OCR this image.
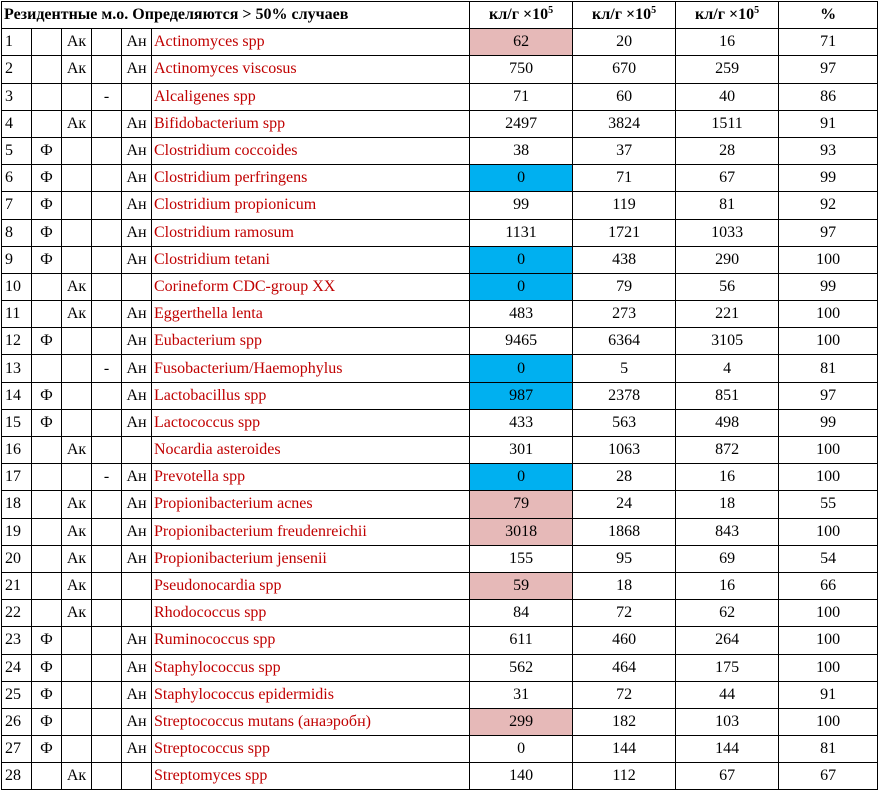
Резидентные м.о. Определяются > 50% случаев						$кл/г \times 10^5$	$кл/г \times 10^5$	$кл/г \times 10^5$	%
1		Ак		Ан	Actinomyces spp	62	20	16	71
2		Ак		Ан	Actinomyces viscosus	750	670	259	97
3			-		Alcaligenes spp	71	60	40	86
4		Ак		Ан	Bifidobacterium spp	2497	3824	1511	91
5	Ф			Ан	Clostridium coccoides	38	37	28	93
6	Ф			Ан	Clostridium perfringens	0	71	67	99
7	Ф			Ан	Clostridium propionicum	99	119	81	92
8	Ф			Ан	Clostridium ramosum	1131	1721	1033	97
9	Ф			Ан	Clostridium tetani	0	438	290	100
10		Ак			Corineform CDC-group XX	0	79	56	99
11		Ак		Ан	Eggerthella lenta	483	273	221	100
12	Ф			Ан	Eubacterium spp	9465	6364	3105	100
13			-	Ан	Fusobacterium/Haemophylus	0	5	4	81
14	Ф			Ан	Lactobacillus spp	987	2378	851	97
15	Ф			Ан	Lactococcus spp	433	563	498	99
16		Ак			Nocardia asteroides	301	1063	872	100
17			-	Ан	Prevotella spp	0	28	16	100
18		Ак		Ан	Propionibacterium acnes	79	24	18	55
19		Ак		Ан	Propionibacterium freudenreichii	3018	1868	843	100
20		Ак		Ан	Propionibacterium jensenii	155	95	69	54
21		Ак			Pseudonocardia spp	59	18	16	66
22		Ак			Rhodococcus spp	84	72	62	100
23	Ф			Ан	Ruminococcus spp	611	460	264	100
24	Ф			Ан	Staphylococcus spp	562	464	175	100
25	Ф			Ан	Staphylococcus epidermidis	31	72	44	91
26	Ф			Ан	Streptococcus mutans (анаэробн)	299	182	103	100
27	Ф			Ан	Streptococcus spp	0	144	144	81
28		Ак			Streptomyces spp	140	112	67	67
